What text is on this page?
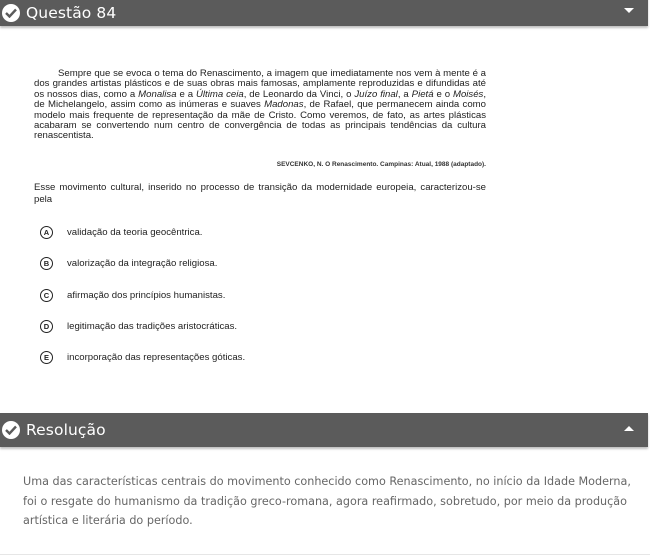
Questão 84
Sempre que se evoca o tema do Renascimento, a imagem que imediatamente nos vem à mente é a dos grandes artistas plásticos e de suas obras mais famosas, amplamente reproduzidas e difundidas até os nossos dias, como a Monalisa e a Última ceia, de Leonardo da Vinci, o Juízo final, a Pietá e o Moisés, de Michelangelo, assim como as inúmeras e suaves Madonas, de Rafael, que permanecem ainda como modelo mais frequente de representação da mãe de Cristo. Como veremos, de fato, as artes plásticas acabaram se convertendo num centro de convergência de todas as principais tendências da cultura renascentista.
SEVCENKO, N. O Renascimento. Campinas: Atual, 1988 (adaptado).
Esse movimento cultural, inserido no processo de transição da modernidade europeia, caracterizou-se pela
A	validação da teoria geocêntrica.
B	valorização da integração religiosa.
C	afirmação dos princípios humanistas.
D	legitimação das tradições aristocráticas.
E	incorporação das representações góticas.
Resolução
Uma das características centrais do movimento conhecido como Renascimento, no início da Idade Moderna, foi o resgate do humanismo da tradição greco-romana, agora reafirmado, sobretudo, por meio da produção artística e literária do período.
